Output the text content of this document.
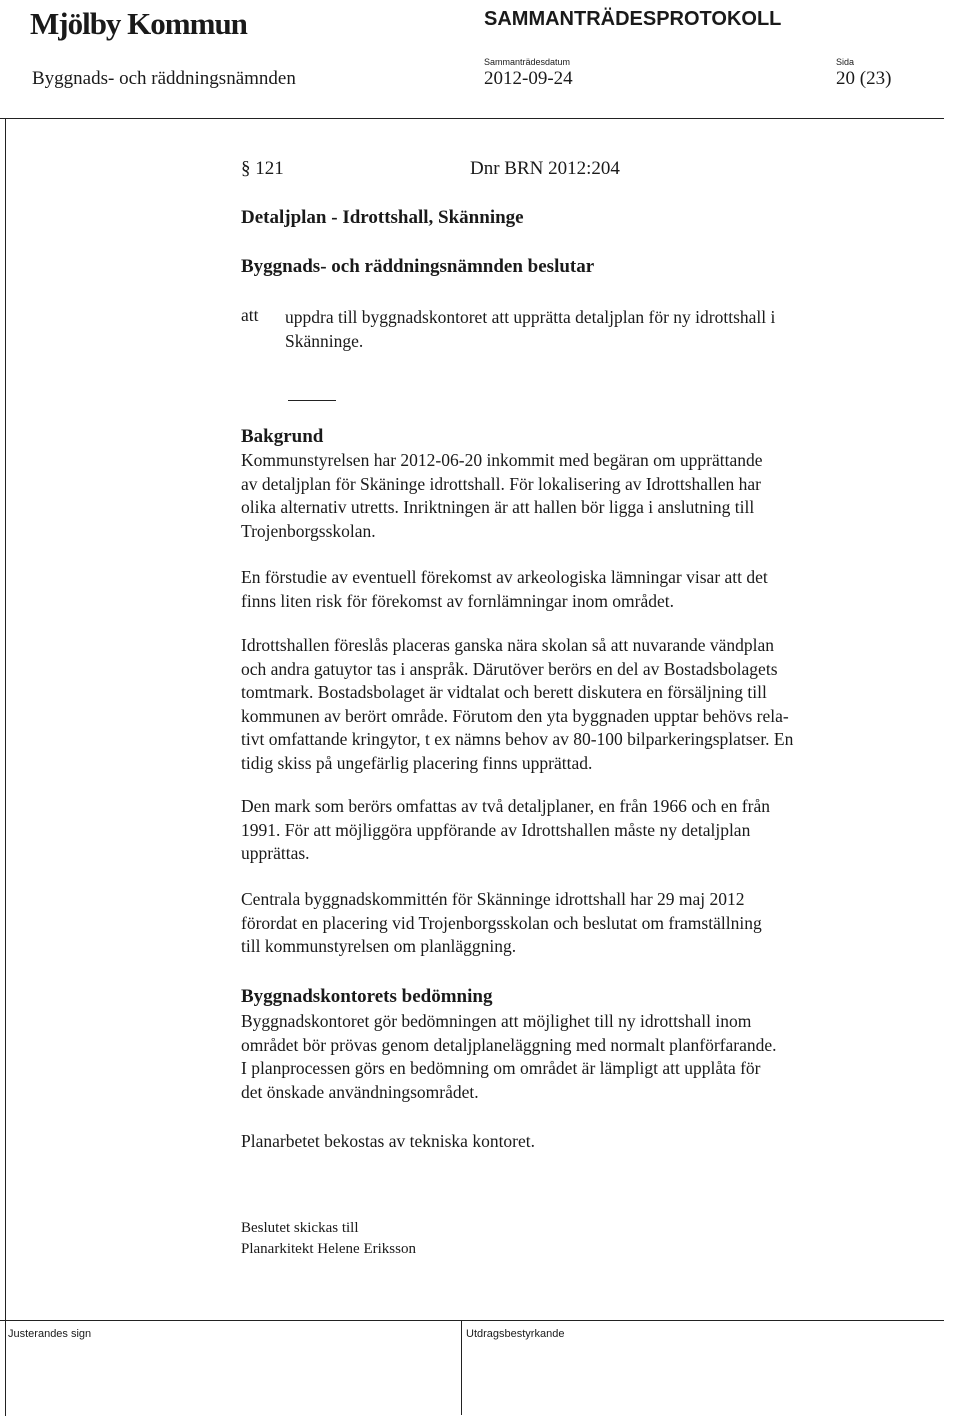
Mjölby Kommun	SAMMANTRÄDESPROTOKOLL
Sammanträdesdatum	Sida
Byggnads- och räddningsnämnden	2012-09-24	20 (23)
§ 121	Dnr BRN 2012:204
Detaljplan - Idrottshall, Skänninge
Byggnads- och räddningsnämnden beslutar
att uppdra till byggnadskontoret att upprätta detaljplan för ny idrottshall i
Skänninge.
Bakgrund
Kommunstyrelsen har 2012-06-20 inkommit med begäran om upprättande
av detaljplan för Skäninge idrottshall. För lokalisering av Idrottshallen har
olika alternativ utretts. Inriktningen är att hallen bör ligga i anslutning till
Trojenborgsskolan.
En förstudie av eventuell förekomst av arkeologiska lämningar visar att det
finns liten risk för förekomst av fornlämningar inom området.
Idrottshallen föreslås placeras ganska nära skolan så att nuvarande vändplan
och andra gatuytor tas i anspråk. Därutöver berörs en del av Bostadsbolagets
tomtmark. Bostadsbolaget är vidtalat och berett diskutera en försäljning till
kommunen av berört område. Förutom den yta byggnaden upptar behövs rela-
tivt omfattande kringytor, t ex nämns behov av 80-100 bilparkeringsplatser. En
tidig skiss på ungefärlig placering finns upprättad.
Den mark som berörs omfattas av två detaljplaner, en från 1966 och en från
1991. För att möjliggöra uppförande av Idrottshallen måste ny detaljplan
upprättas.
Centrala byggnadskommittén för Skänninge idrottshall har 29 maj 2012
förordat en placering vid Trojenborgsskolan och beslutat om framställning
till kommunstyrelsen om planläggning.
Byggnadskontorets bedömning
Byggnadskontoret gör bedömningen att möjlighet till ny idrottshall inom
området bör prövas genom detaljplaneläggning med normalt planförfarande.
I planprocessen görs en bedömning om området är lämpligt att upplåta för
det önskade användningsområdet.
Planarbetet bekostas av tekniska kontoret.
Beslutet skickas till
Planarkitekt Helene Eriksson
Justerandes sign	Utdragsbestyrkande
